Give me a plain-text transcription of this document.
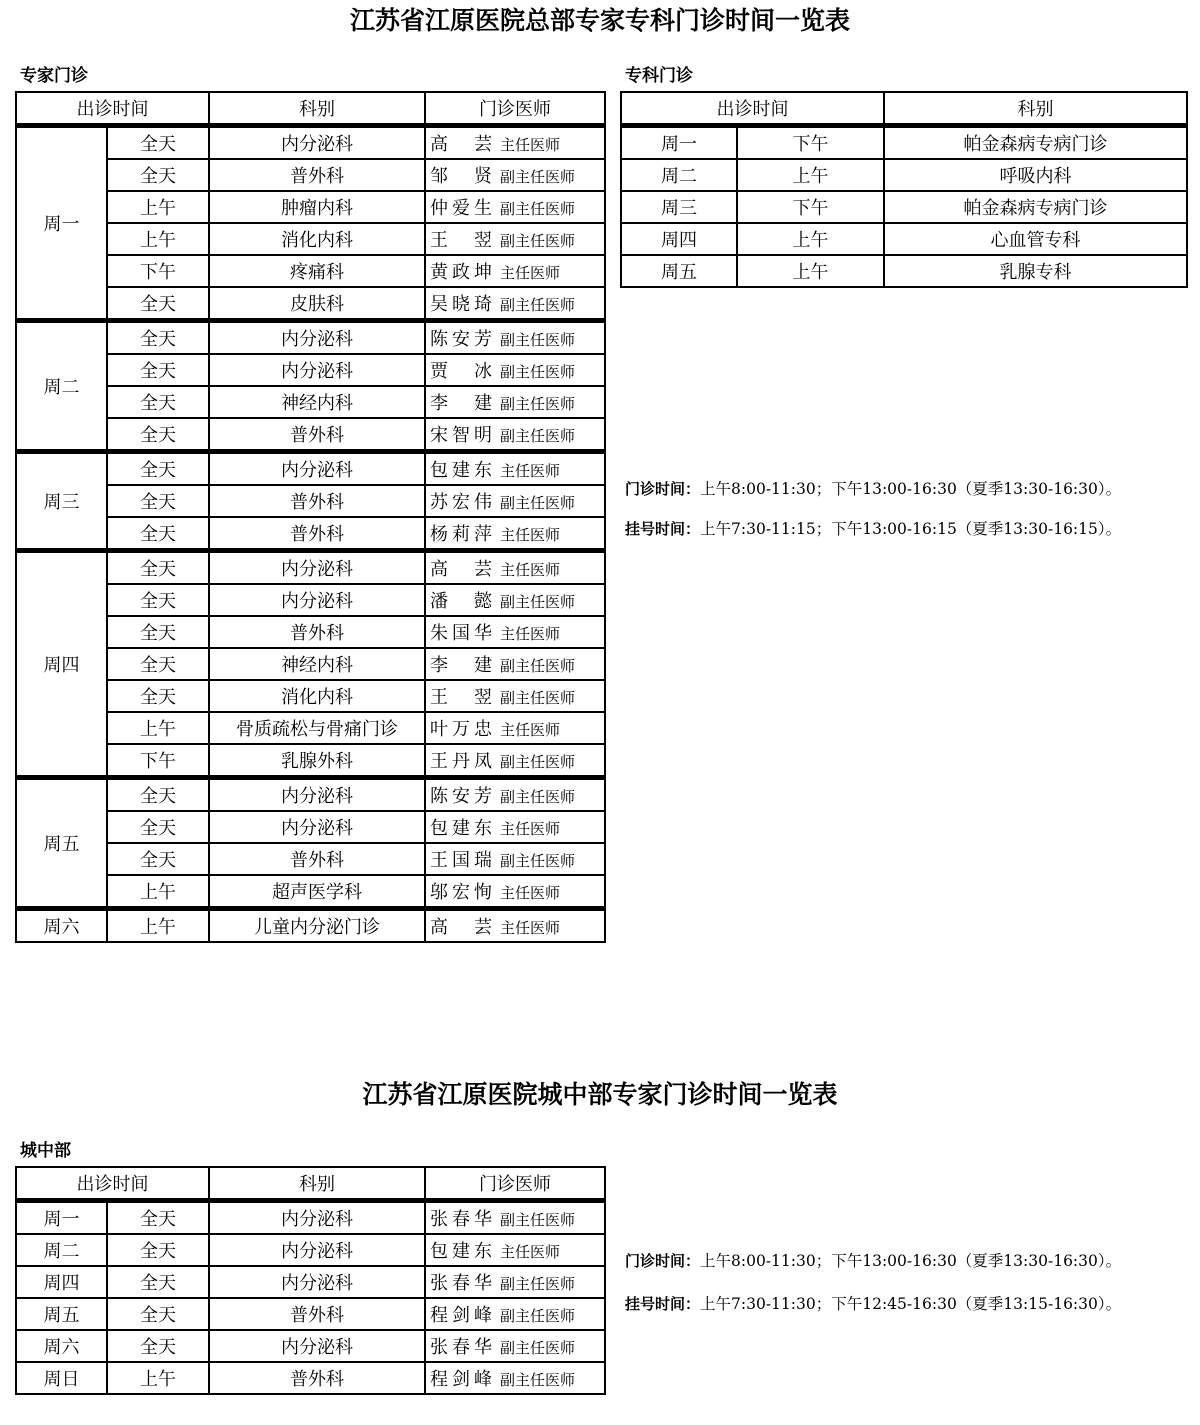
江苏省江原医院总部专家专科门诊时间一览表
专家门诊
出诊时间		科别	门诊医师
周一	全天	内分泌科	高芸 主任医师
	全天	普外科	邹贤 副主任医师
	上午	肿瘤内科	仲爱生 副主任医师
	上午	消化内科	王翌 副主任医师
	下午	疼痛科	黄政坤 主任医师
	全天	皮肤科	吴晓琦 副主任医师
周二	全天	内分泌科	陈安芳 副主任医师
	全天	内分泌科	贾冰 副主任医师
	全天	神经内科	李建 副主任医师
	全天	普外科	宋智明 副主任医师
周三	全天	内分泌科	包建东 主任医师
	全天	普外科	苏宏伟 副主任医师
	全天	普外科	杨莉萍 主任医师
周四	全天	内分泌科	高芸 主任医师
	全天	内分泌科	潘懿 副主任医师
	全天	普外科	朱国华 主任医师
	全天	神经内科	李建 副主任医师
	全天	消化内科	王翌 副主任医师
	上午	骨质疏松与骨痛门诊	叶万忠 主任医师
	下午	乳腺外科	王丹凤 副主任医师
周五	全天	内分泌科	陈安芳 副主任医师
	全天	内分泌科	包建东 主任医师
	全天	普外科	王国瑞 副主任医师
	上午	超声医学科	邬宏恂 主任医师
周六	上午	儿童内分泌门诊	高芸 主任医师
专科门诊
出诊时间		科别
周一	下午	帕金森病专病门诊
周二	上午	呼吸内科
周三	下午	帕金森病专病门诊
周四	上午	心血管专科
周五	上午	乳腺专科
门诊时间：上午8:00-11:30；下午13:00-16:30（夏季13:30-16:30）。
挂号时间：上午7:30-11:15；下午13:00-16:15（夏季13:30-16:15）。
江苏省江原医院城中部专家门诊时间一览表
城中部
出诊时间		科别	门诊医师
周一	全天	内分泌科	张春华 副主任医师
周二	全天	内分泌科	包建东 主任医师
周四	全天	内分泌科	张春华 副主任医师
周五	全天	普外科	程剑峰 副主任医师
周六	全天	内分泌科	张春华 副主任医师
周日	上午	普外科	程剑峰 副主任医师
门诊时间：上午8:00-11:30；下午13:00-16:30（夏季13:30-16:30）。
挂号时间：上午7:30-11:30；下午12:45-16:30（夏季13:15-16:30）。
